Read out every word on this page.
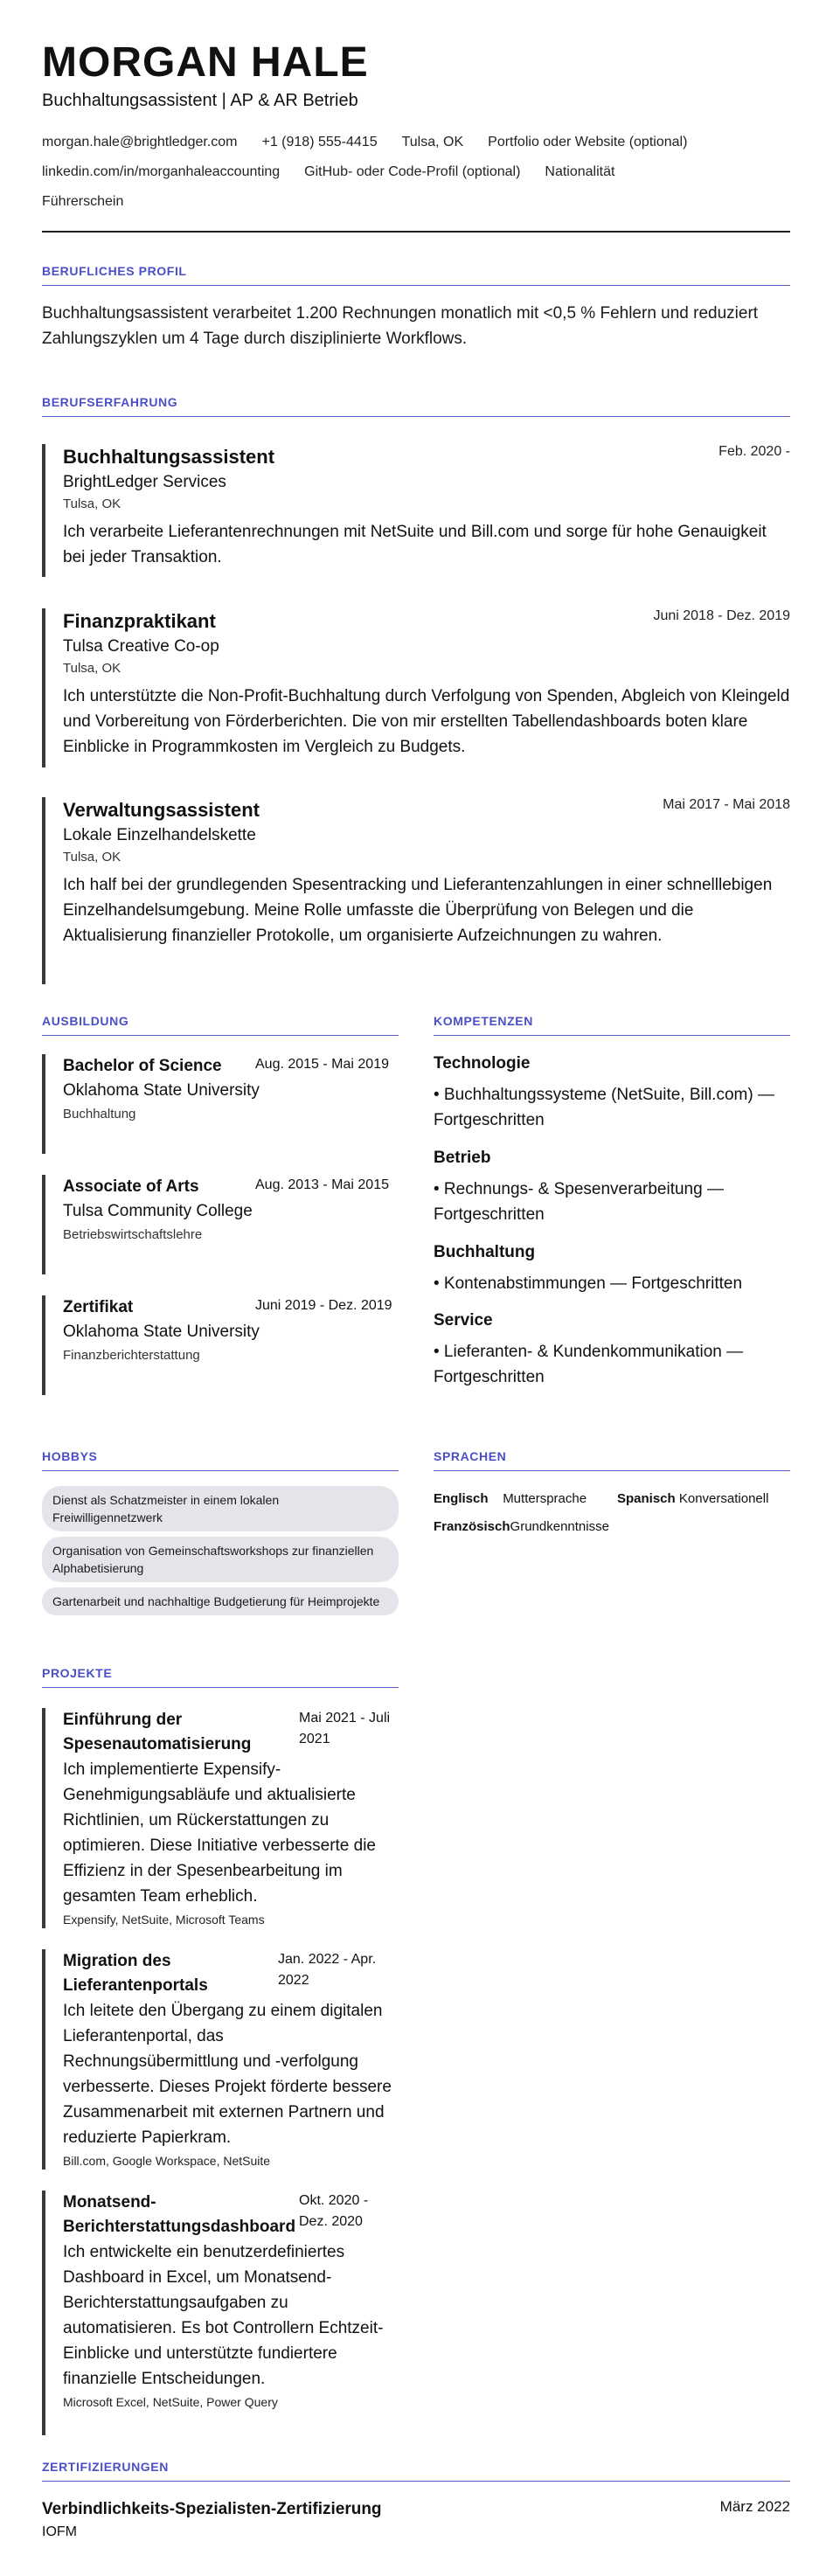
MORGAN HALE
Buchhaltungsassistent | AP & AR Betrieb
morgan.hale@brightledger.com +1 (918) 555-4415 Tulsa, OK Portfolio oder Website (optional)
linkedin.com/in/morganhaleaccounting GitHub- oder Code-Profil (optional) Nationalität
Führerschein
BERUFLICHES PROFIL
Buchhaltungsassistent verarbeitet 1.200 Rechnungen monatlich mit <0,5 % Fehlern und reduziert Zahlungszyklen um 4 Tage durch disziplinierte Workflows.
BERUFSERFAHRUNG
Buchhaltungsassistent
BrightLedger Services
Tulsa, OK
Ich verarbeite Lieferantenrechnungen mit NetSuite und Bill.com und sorge für hohe Genauigkeit bei jeder Transaktion.
Feb. 2020 -
Finanzpraktikant
Tulsa Creative Co-op
Tulsa, OK
Ich unterstützte die Non-Profit-Buchhaltung durch Verfolgung von Spenden, Abgleich von Kleingeld und Vorbereitung von Förderberichten. Die von mir erstellten Tabellendashboards boten klare Einblicke in Programmkosten im Vergleich zu Budgets.
Juni 2018 - Dez. 2019
Verwaltungsassistent
Lokale Einzelhandelskette
Tulsa, OK
Ich half bei der grundlegenden Spesentracking und Lieferantenzahlungen in einer schnelllebigen Einzelhandelsumgebung. Meine Rolle umfasste die Überprüfung von Belegen und die Aktualisierung finanzieller Protokolle, um organisierte Aufzeichnungen zu wahren.
Mai 2017 - Mai 2018
AUSBILDUNG
Bachelor of Science
Oklahoma State University
Buchhaltung
Aug. 2015 - Mai 2019
Associate of Arts
Tulsa Community College
Betriebswirtschaftslehre
Aug. 2013 - Mai 2015
Zertifikat
Oklahoma State University
Finanzberichterstattung
Juni 2019 - Dez. 2019
KOMPETENZEN
Technologie
• Buchhaltungssysteme (NetSuite, Bill.com) — Fortgeschritten
Betrieb
• Rechnungs- & Spesenverarbeitung — Fortgeschritten
Buchhaltung
• Kontenabstimmungen — Fortgeschritten
Service
• Lieferanten- & Kundenkommunikation — Fortgeschritten
HOBBYS
Dienst als Schatzmeister in einem lokalen Freiwilligennetzwerk
Organisation von Gemeinschaftsworkshops zur finanziellen Alphabetisierung
Gartenarbeit und nachhaltige Budgetierung für Heimprojekte
SPRACHEN
Englisch Muttersprache Spanisch Konversationell
FranzösischGrundkenntnisse
PROJEKTE
Einführung der Spesenautomatisierung
Ich implementierte Expensify-Genehmigungsabläufe und aktualisierte Richtlinien, um Rückerstattungen zu optimieren. Diese Initiative verbesserte die Effizienz in der Spesenbearbeitung im gesamten Team erheblich.
Expensify, NetSuite, Microsoft Teams
Mai 2021 - Juli 2021
Migration des Lieferantenportals
Ich leitete den Übergang zu einem digitalen Lieferantenportal, das Rechnungsübermittlung und -verfolgung verbesserte. Dieses Projekt förderte bessere Zusammenarbeit mit externen Partnern und reduzierte Papierkram.
Bill.com, Google Workspace, NetSuite
Jan. 2022 - Apr. 2022
Monatsend-Berichterstattungsdashboard
Ich entwickelte ein benutzerdefiniertes Dashboard in Excel, um Monatsend-Berichterstattungsaufgaben zu automatisieren. Es bot Controllern Echtzeit-Einblicke und unterstützte fundiertere finanzielle Entscheidungen.
Microsoft Excel, NetSuite, Power Query
Okt. 2020 - Dez. 2020
ZERTIFIZIERUNGEN
Verbindlichkeits-Spezialisten-Zertifizierung
IOFM
März 2022
